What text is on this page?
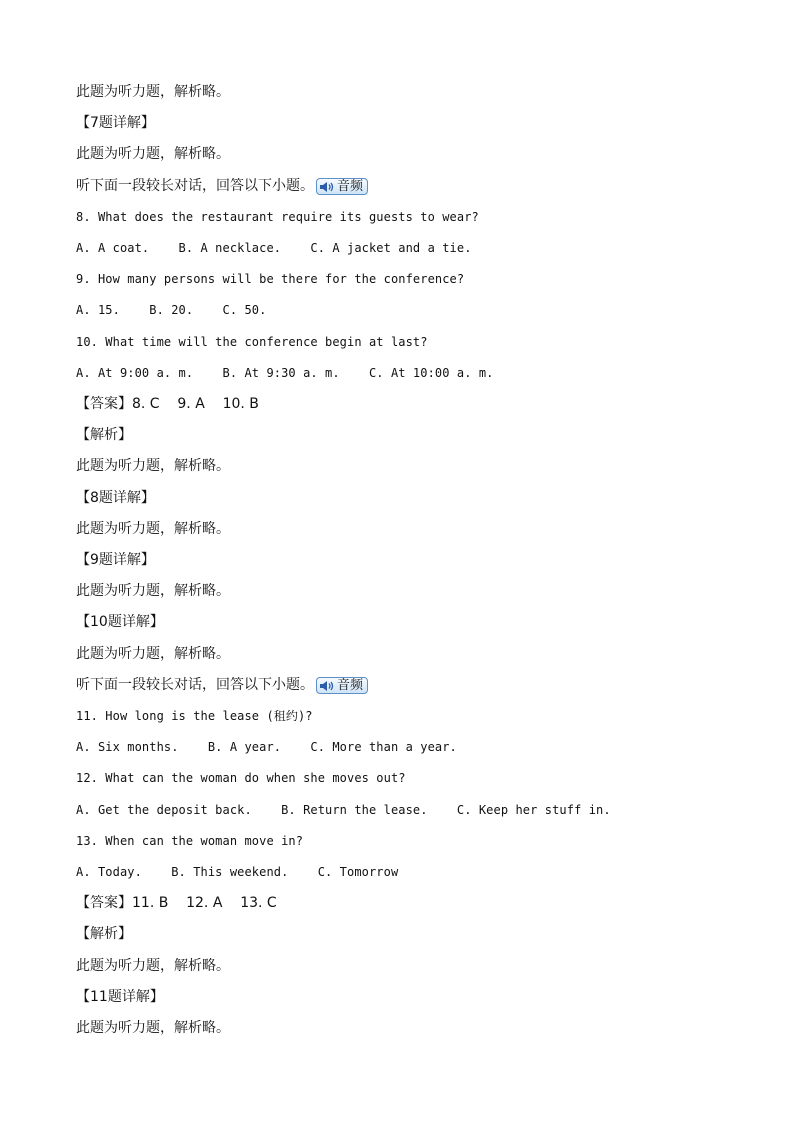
此题为听力题，解析略。
【7题详解】
此题为听力题，解析略。
听下面一段较长对话，回答以下小题。 音频
8. What does the restaurant require its guests to wear?
A. A coat.    B. A necklace.    C. A jacket and a tie.
9. How many persons will be there for the conference?
A. 15.    B. 20.    C. 50.
10. What time will the conference begin at last?
A. At 9:00 a. m.    B. At 9:30 a. m.    C. At 10:00 a. m.
【答案】8. C    9. A    10. B
【解析】
此题为听力题，解析略。
【8题详解】
此题为听力题，解析略。
【9题详解】
此题为听力题，解析略。
【10题详解】
此题为听力题，解析略。
听下面一段较长对话，回答以下小题。 音频
11. How long is the lease (租约)?
A. Six months.    B. A year.    C. More than a year.
12. What can the woman do when she moves out?
A. Get the deposit back.    B. Return the lease.    C. Keep her stuff in.
13. When can the woman move in?
A. Today.    B. This weekend.    C. Tomorrow
【答案】11. B    12. A    13. C
【解析】
此题为听力题，解析略。
【11题详解】
此题为听力题，解析略。
